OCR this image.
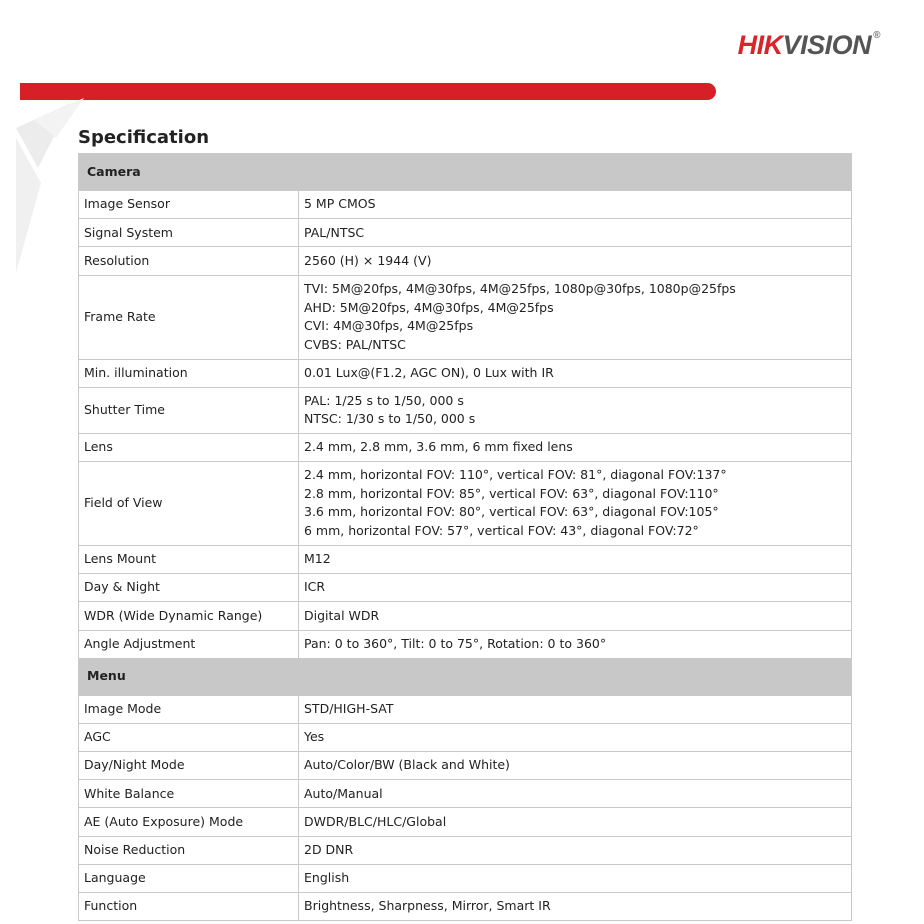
HIKVISION ®
Specification
Camera	
Image Sensor	5 MP CMOS

Signal System	PAL/NTSC

Resolution	2560 (H) × 1944 (V)

Frame Rate	TVI: 5M@20fps, 4M@30fps, 4M@25fps, 1080p@30fps, 1080p@25fps
AHD: 5M@20fps, 4M@30fps, 4M@25fps
CVI: 4M@30fps, 4M@25fps
CVBS: PAL/NTSC

Min. illumination	0.01 Lux@(F1.2, AGC ON), 0 Lux with IR

Shutter Time	PAL: 1/25 s to 1/50, 000 s
NTSC: 1/30 s to 1/50, 000 s

Lens	2.4 mm, 2.8 mm, 3.6 mm, 6 mm fixed lens

Field of View	2.4 mm, horizontal FOV: 110°, vertical FOV: 81°, diagonal FOV:137°
2.8 mm, horizontal FOV: 85°, vertical FOV: 63°, diagonal FOV:110°
3.6 mm, horizontal FOV: 80°, vertical FOV: 63°, diagonal FOV:105°
6 mm, horizontal FOV: 57°, vertical FOV: 43°, diagonal FOV:72°

Lens Mount	M12

Day & Night	ICR

WDR (Wide Dynamic Range)	Digital WDR

Angle Adjustment	Pan: 0 to 360°, Tilt: 0 to 75°, Rotation: 0 to 360°

Menu	
Image Mode	STD/HIGH-SAT

AGC	Yes

Day/Night Mode	Auto/Color/BW (Black and White)

White Balance	Auto/Manual

AE (Auto Exposure) Mode	DWDR/BLC/HLC/Global

Noise Reduction	2D DNR

Language	English

Function	Brightness, Sharpness, Mirror, Smart IR
